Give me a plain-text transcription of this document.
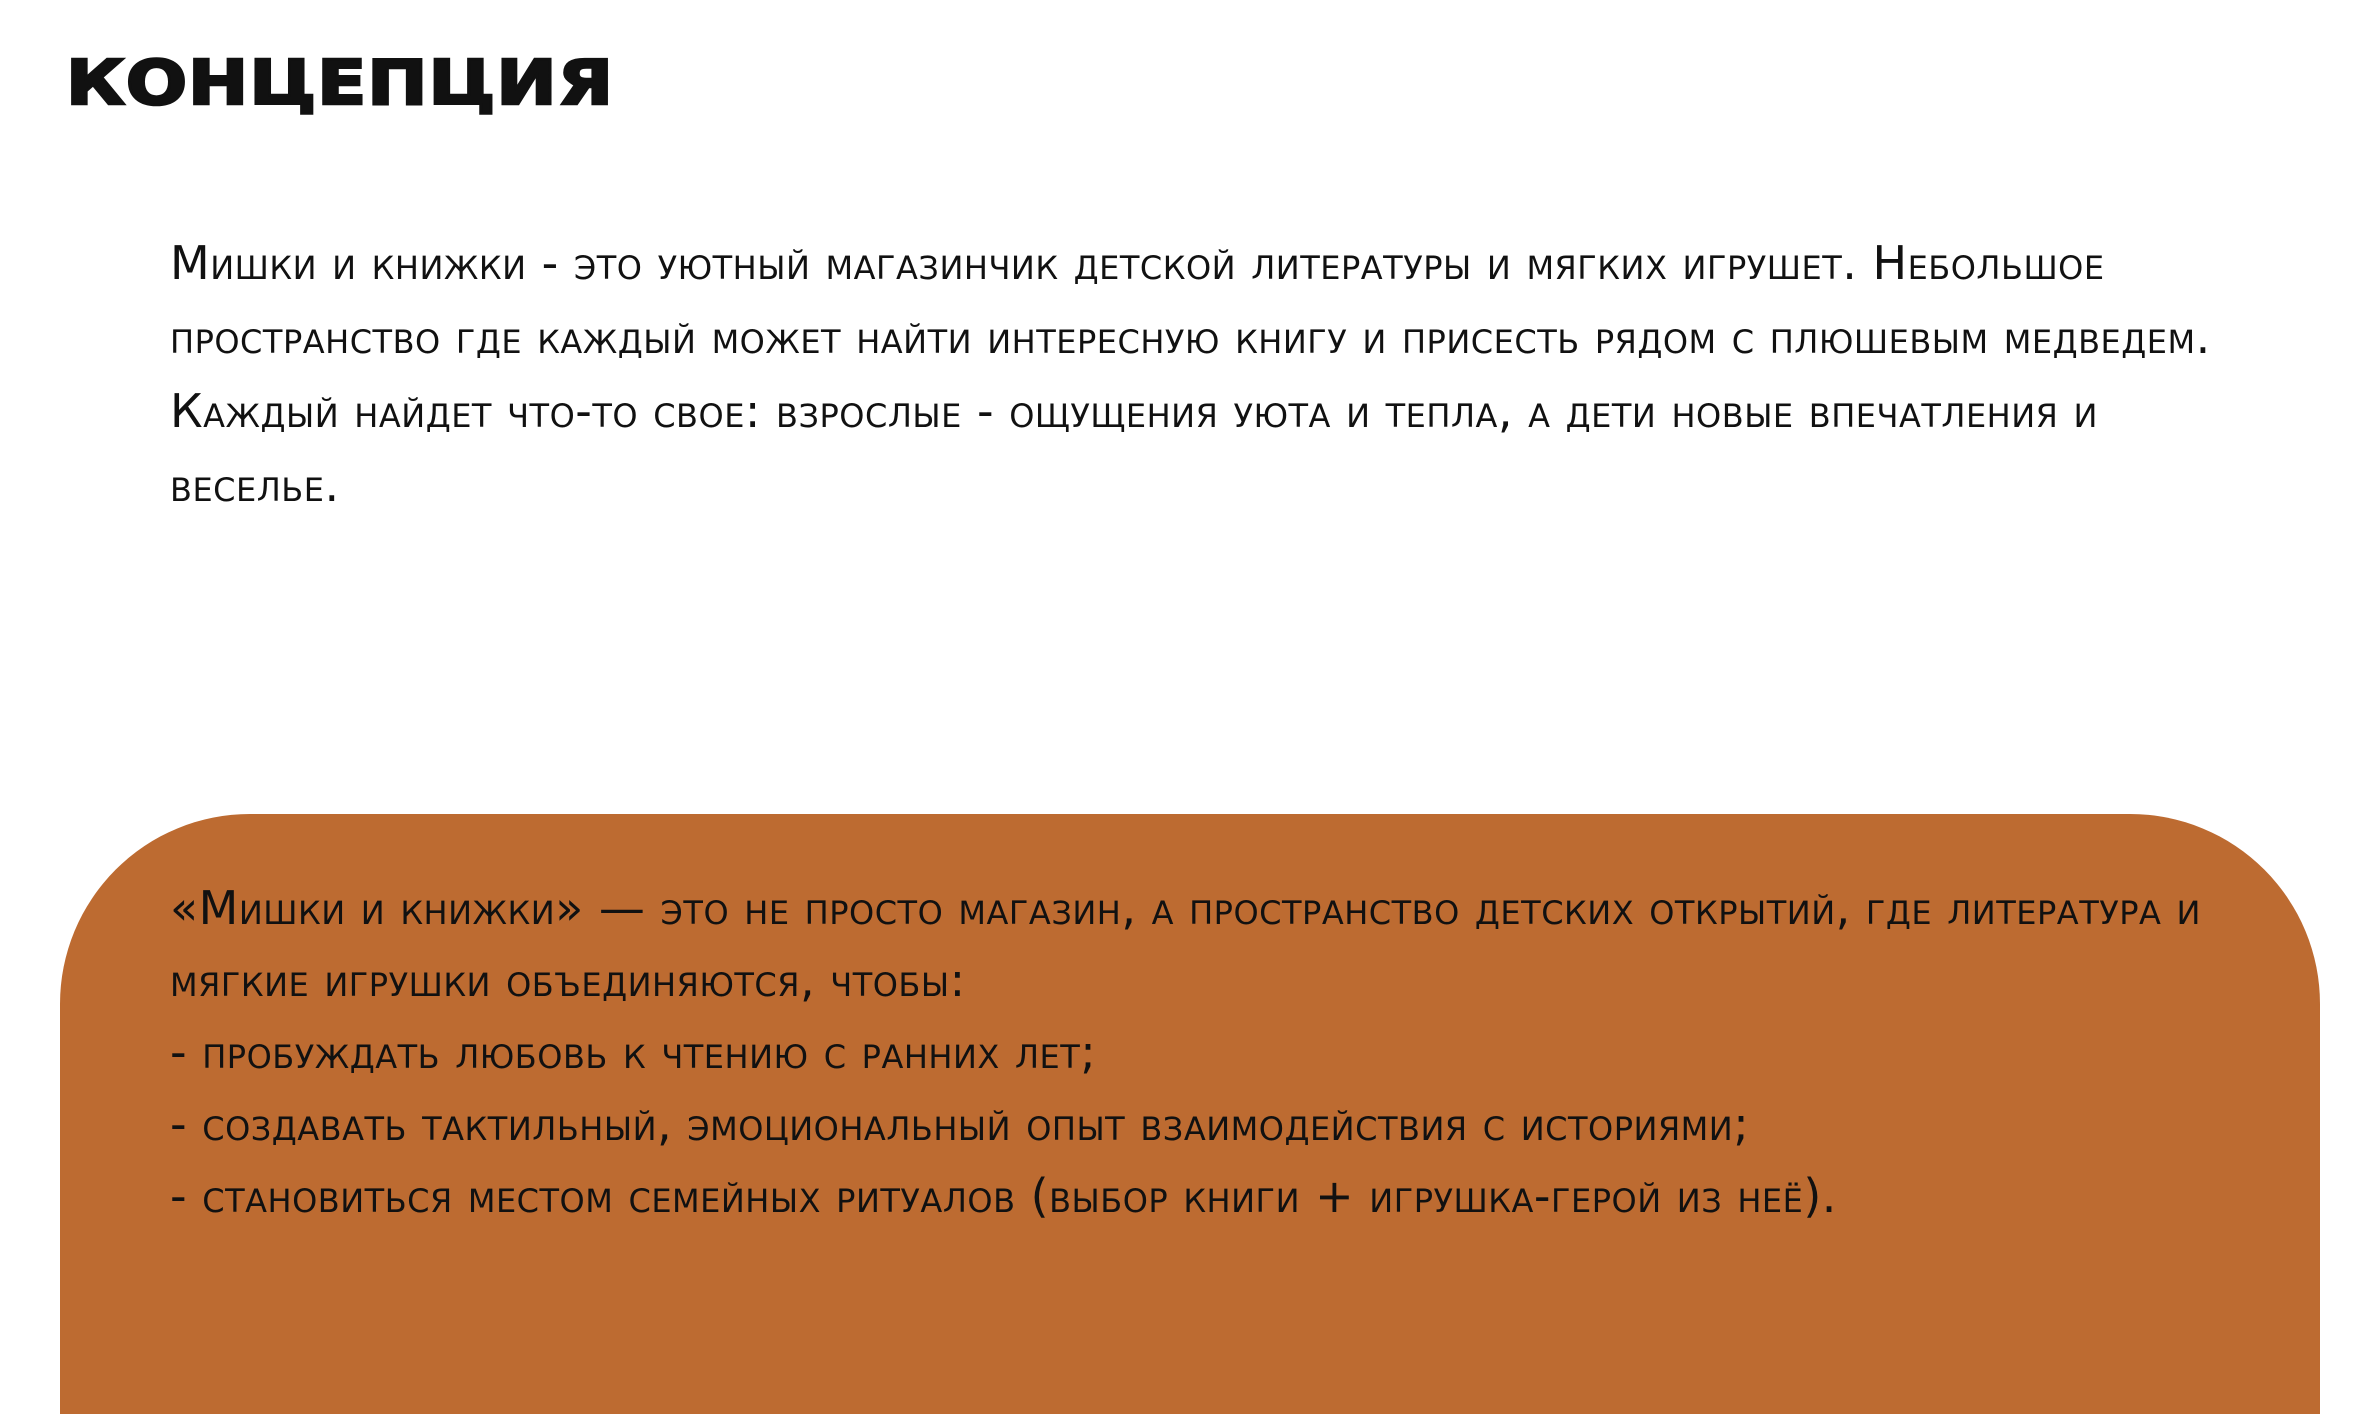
КОНЦЕПЦИЯ

Мишки и книжки - это уютный магазинчик детской литературы и мягких игрушет. Небольшое пространство где каждый может найти интересную книгу и присесть рядом с плюшевым медведем. Каждый найдет что-то свое: взрослые - ощущения уюта и тепла, а дети новые впечатления и веселье.

«Мишки и книжки» — это не просто магазин, а пространство детских открытий, где литература и мягкие игрушки объединяются, чтобы:

- пробуждать любовь к чтению с ранних лет;

- создавать тактильный, эмоциональный опыт взаимодействия с историями;

- становиться местом семейных ритуалов (выбор книги + игрушка-герой из неё).
